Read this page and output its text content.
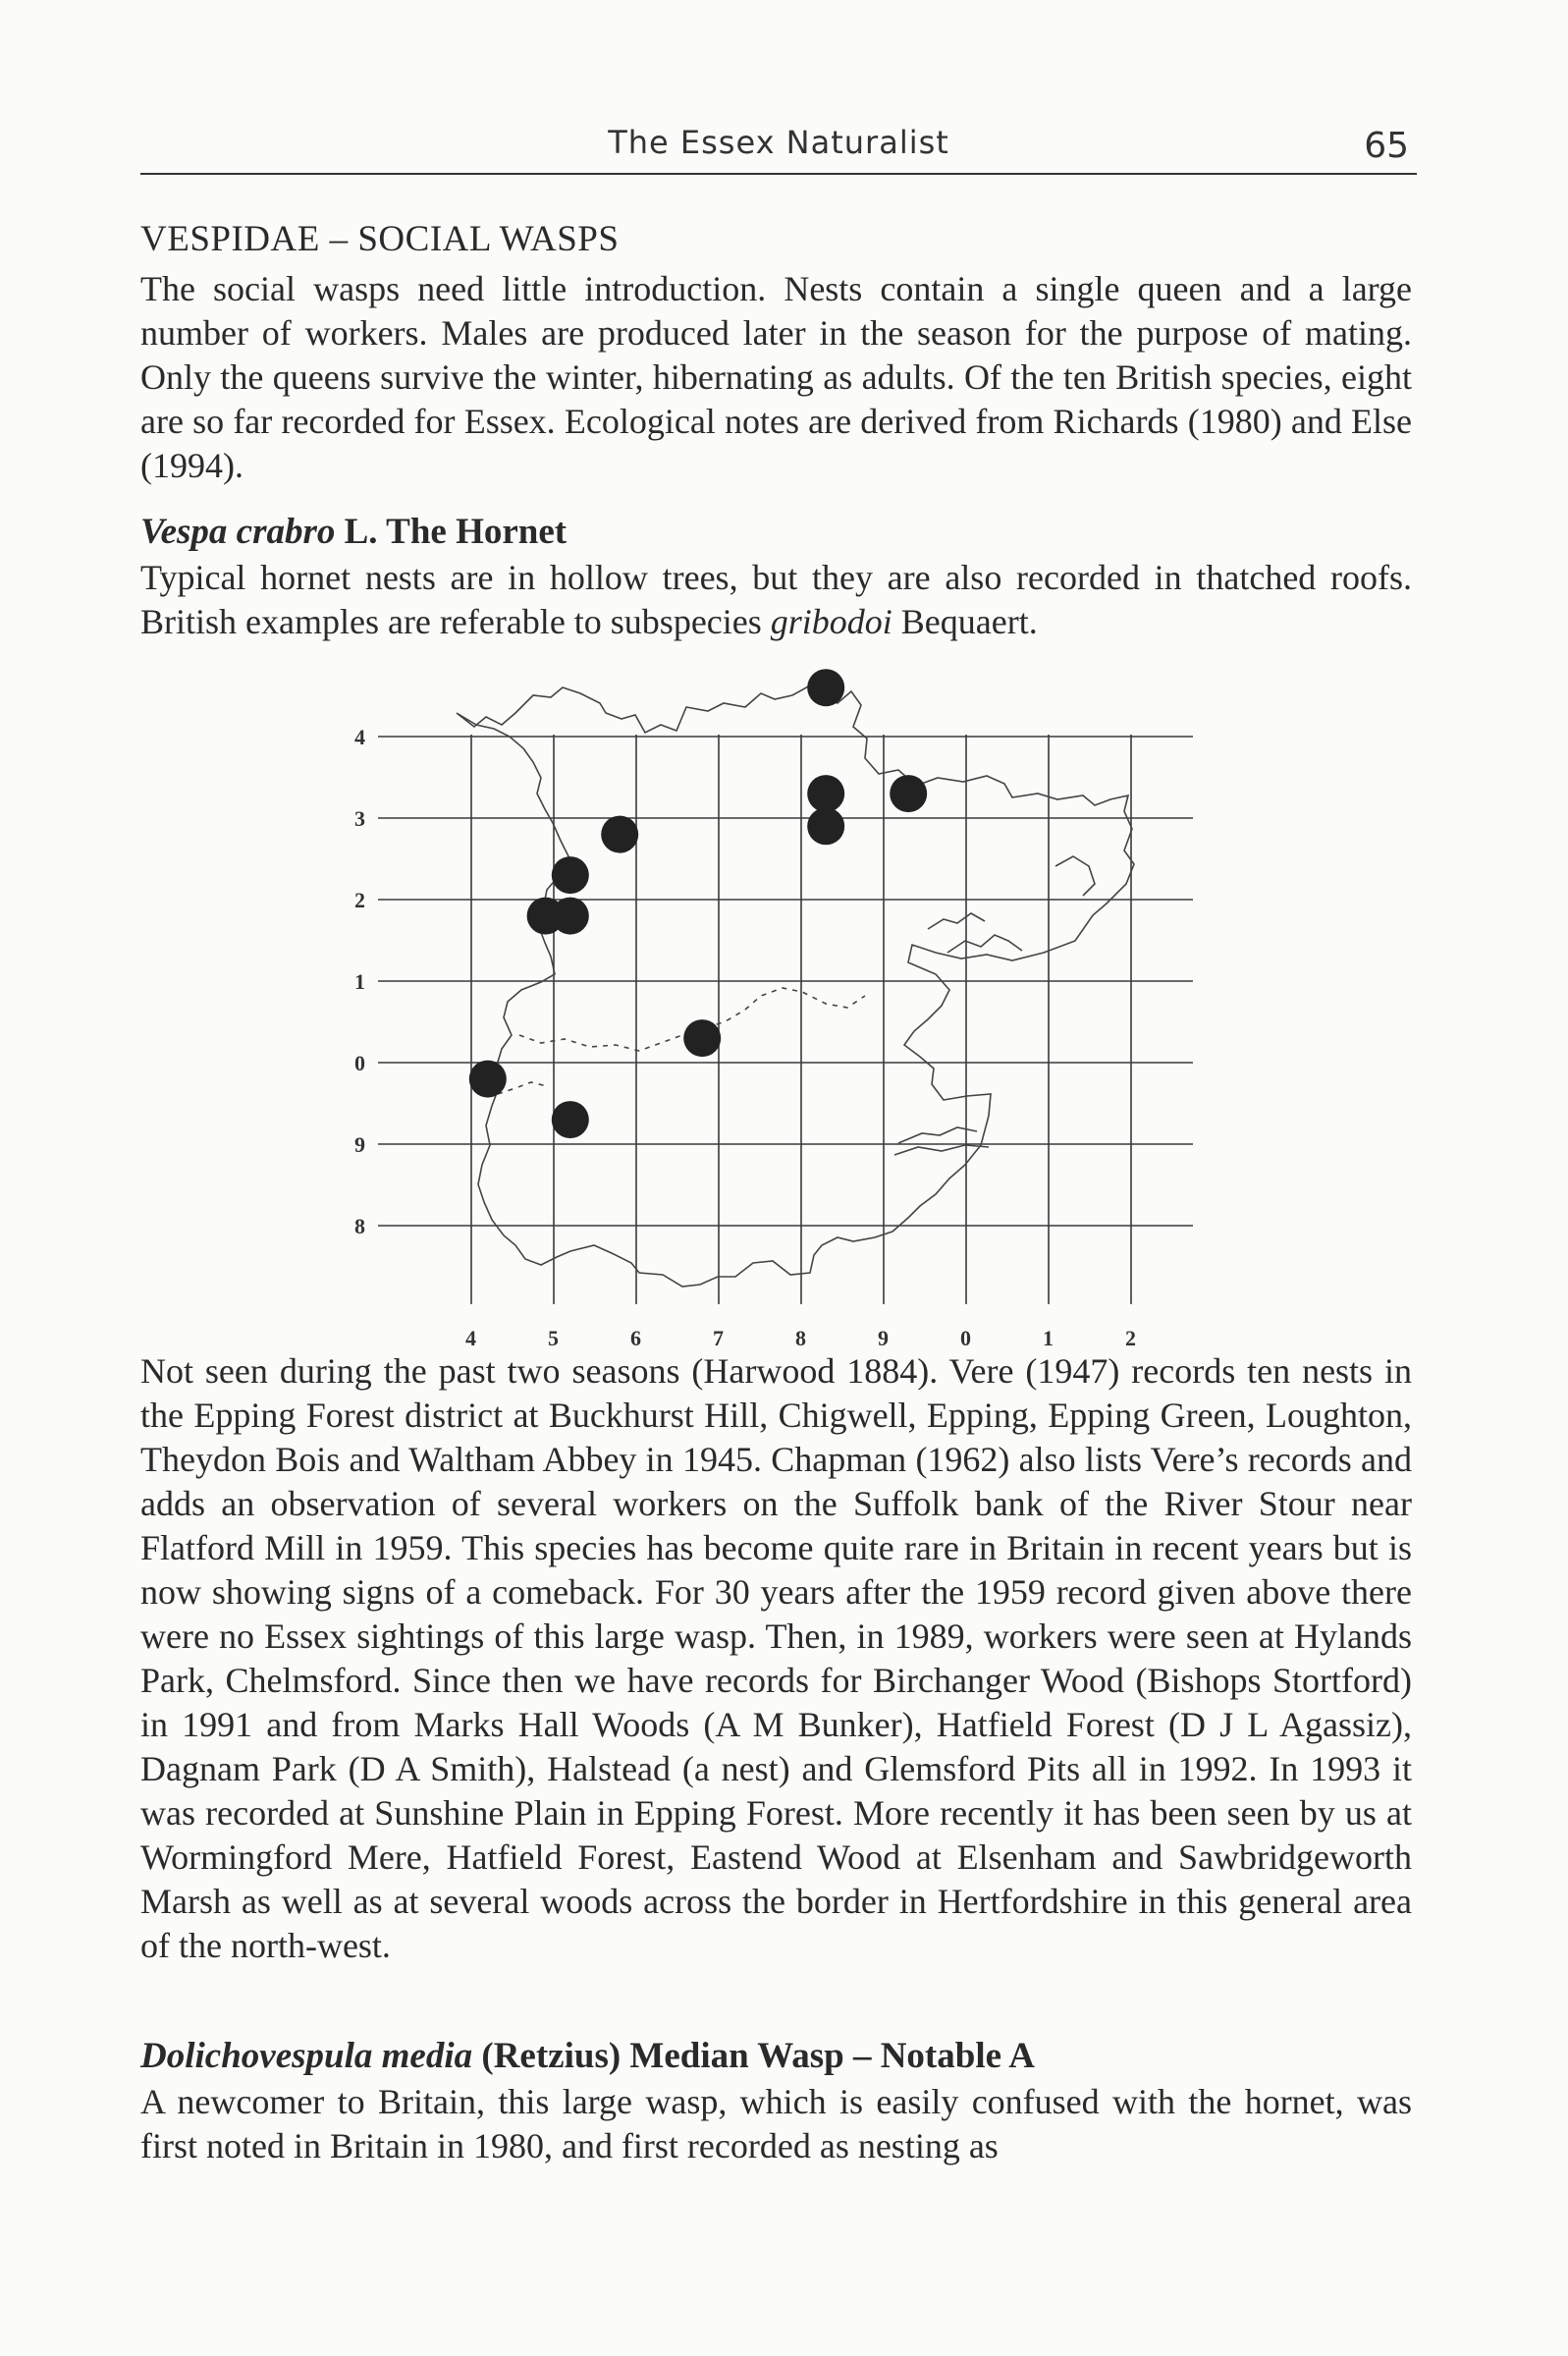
The Essex Naturalist	65
VESPIDAE – SOCIAL WASPS

The social wasps need little introduction. Nests contain a single queen and a large number of workers. Males are produced later in the season for the purpose of mating. Only the queens survive the winter, hibernating as adults. Of the ten British species, eight are so far recorded for Essex. Ecological notes are derived from Richards (1980) and Else (1994).

Vespa crabro L. The Hornet

Typical hornet nests are in hollow trees, but they are also recorded in thatched roofs. British examples are referable to subspecies gribodoi Bequaert.

4
3
2
1
0
9
8
4	5	6	7	8	9	0	1	2

Not seen during the past two seasons (Harwood 1884). Vere (1947) records ten nests in the Epping Forest district at Buckhurst Hill, Chigwell, Epping, Epping Green, Loughton, Theydon Bois and Waltham Abbey in 1945. Chapman (1962) also lists Vere’s records and adds an observation of several workers on the Suffolk bank of the River Stour near Flatford Mill in 1959. This species has become quite rare in Britain in recent years but is now showing signs of a comeback. For 30 years after the 1959 record given above there were no Essex sightings of this large wasp. Then, in 1989, workers were seen at Hylands Park, Chelmsford. Since then we have records for Birchanger Wood (Bishops Stortford) in 1991 and from Marks Hall Woods (A M Bunker), Hatfield Forest (D J L Agassiz), Dagnam Park (D A Smith), Halstead (a nest) and Glemsford Pits all in 1992. In 1993 it was recorded at Sunshine Plain in Epping Forest. More recently it has been seen by us at Wormingford Mere, Hatfield Forest, Eastend Wood at Elsenham and Sawbridgeworth Marsh as well as at several woods across the border in Hertfordshire in this general area of the north-west.

Dolichovespula media (Retzius) Median Wasp – Notable A

A newcomer to Britain, this large wasp, which is easily confused with the hornet, was first noted in Britain in 1980, and first recorded as nesting as
